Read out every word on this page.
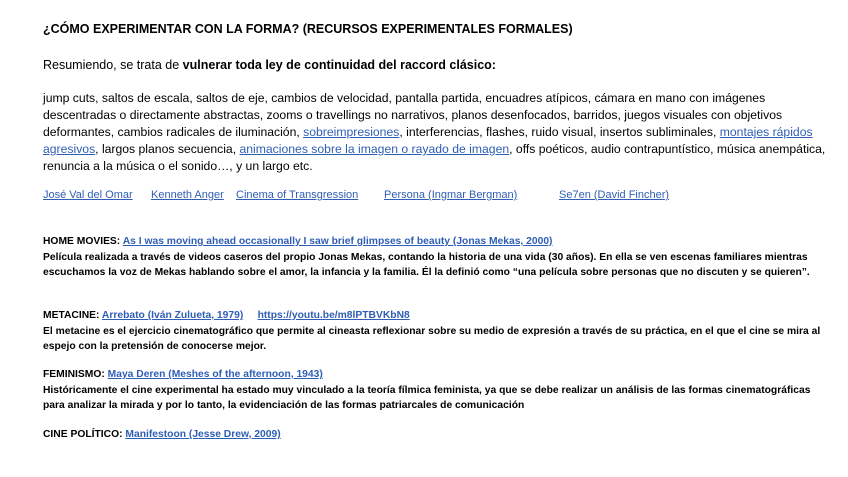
¿CÓMO EXPERIMENTAR CON LA FORMA? (RECURSOS EXPERIMENTALES FORMALES)
Resumiendo, se trata de vulnerar toda ley de continuidad del raccord clásico:
jump cuts, saltos de escala, saltos de eje, cambios de velocidad, pantalla partida, encuadres atípicos, cámara en mano con imágenes descentradas o directamente abstractas, zooms o travellings no narrativos, planos desenfocados, barridos, juegos visuales con objetivos deformantes, cambios radicales de iluminación, sobreimpresiones, interferencias, flashes, ruido visual, insertos subliminales, montajes rápidos agresivos, largos planos secuencia, animaciones sobre la imagen o rayado de imagen, offs poéticos, audio contrapuntístico, música anempática, renuncia a la música o el sonido…, y un largo etc.
José Val del Omar Kenneth Anger Cinema of Transgression Persona (Ingmar Bergman)	Se7en (David Fincher)
HOME MOVIES: As I was moving ahead occasionally I saw brief glimpses of beauty (Jonas Mekas, 2000)
Película realizada a través de videos caseros del propio Jonas Mekas, contando la historia de una vida (30 años). En ella se ven escenas familiares mientras escuchamos la voz de Mekas hablando sobre el amor, la infancia y la familia. Él la definió como “una película sobre personas que no discuten y se quieren”.
METACINE: Arrebato (Iván Zulueta, 1979) https://youtu.be/m8lPTBVKbN8
El metacine es el ejercicio cinematográfico que permite al cineasta reflexionar sobre su medio de expresión a través de su práctica, en el que el cine se mira al espejo con la pretensión de conocerse mejor.
FEMINISMO: Maya Deren (Meshes of the afternoon, 1943)
Históricamente el cine experimental ha estado muy vinculado a la teoría fílmica feminista, ya que se debe realizar un análisis de las formas cinematográficas para analizar la mirada y por lo tanto, la evidenciación de las formas patriarcales de comunicación
CINE POLÍTICO: Manifestoon (Jesse Drew, 2009)
